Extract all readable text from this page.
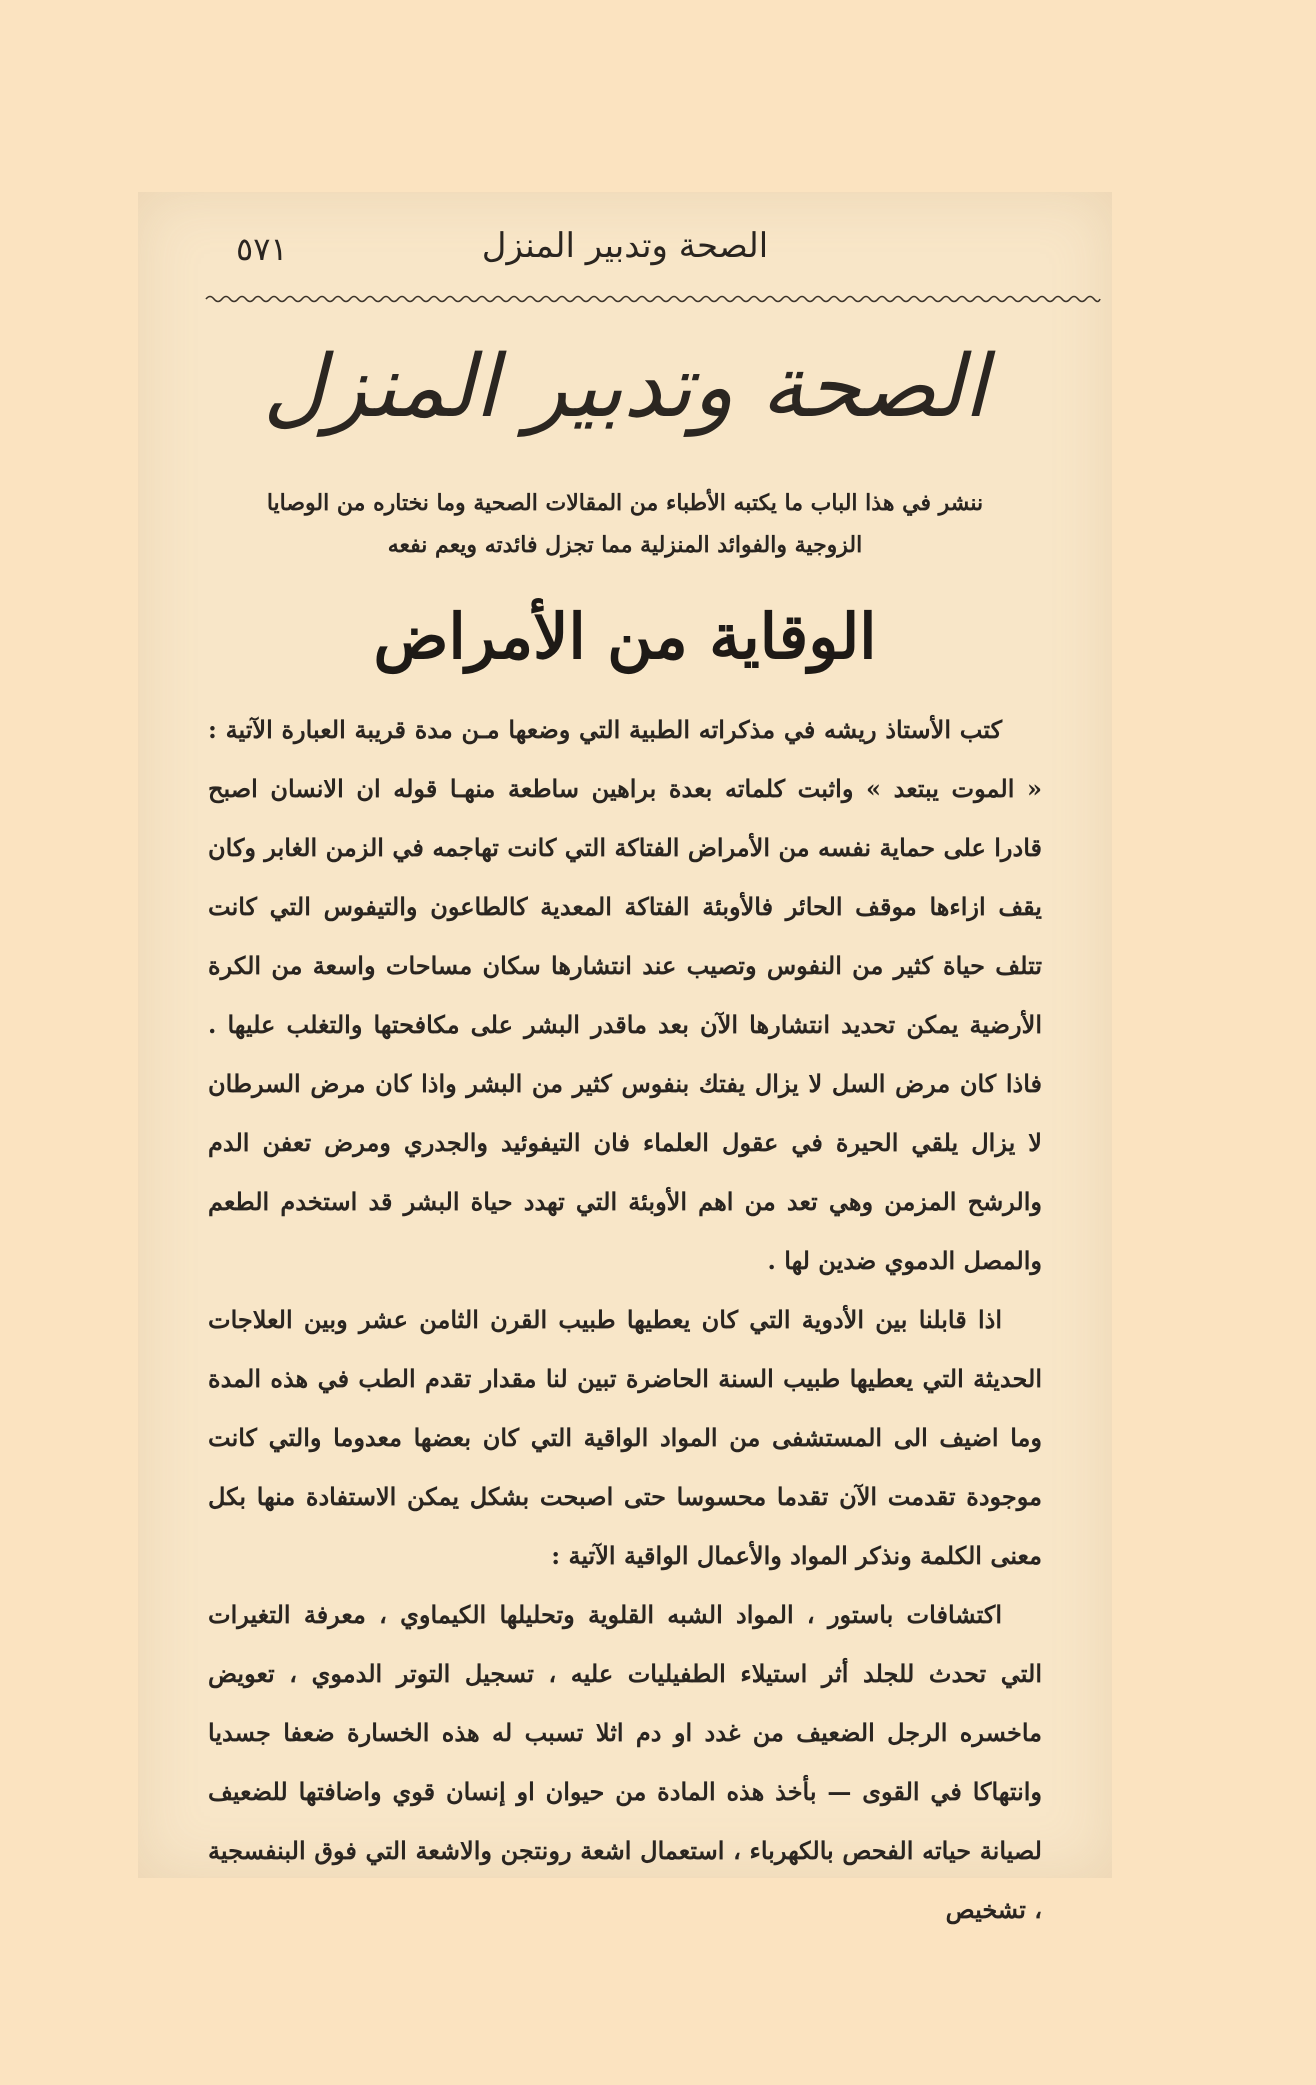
٥٧١	الصحة وتدبير المنزل
الصحة وتدبير المنزل
ننشر في هذا الباب ما يكتبه الأطباء من المقالات الصحية وما نختاره من الوصايا الزوجية والفوائد المنزلية مما تجزل فائدته ويعم نفعه
الوقاية من الأمراض

كتب الأستاذ ريشه في مذكراته الطبية التي وضعها مـن مدة قريبة العبارة الآتية : « الموت يبتعد » واثبت كلماته بعدة براهين ساطعة منهـا قوله ان الانسان اصبح قادرا على حماية نفسه من الأمراض الفتاكة التي كانت تهاجمه في الزمن الغابر وكان يقف ازاءها موقف الحائر فالأوبئة الفتاكة المعدية كالطاعون والتيفوس التي كانت تتلف حياة كثير من النفوس وتصيب عند انتشارها سكان مساحات واسعة من الكرة الأرضية يمكن تحديد انتشارها الآن بعد ماقدر البشر على مكافحتها والتغلب عليها . فاذا كان مرض السل لا يزال يفتك بنفوس كثير من البشر واذا كان مرض السرطان لا يزال يلقي الحيرة في عقول العلماء فان التيفوئيد والجدري ومرض تعفن الدم والرشح المزمن وهي تعد من اهم الأوبئة التي تهدد حياة البشر قد استخدم الطعم والمصل الدموي ضدين لها .

اذا قابلنا بين الأدوية التي كان يعطيها طبيب القرن الثامن عشر وبين العلاجات الحديثة التي يعطيها طبيب السنة الحاضرة تبين لنا مقدار تقدم الطب في هذه المدة وما اضيف الى المستشفى من المواد الواقية التي كان بعضها معدوما والتي كانت موجودة تقدمت الآن تقدما محسوسا حتى اصبحت بشكل يمكن الاستفادة منها بكل معنى الكلمة ونذكر المواد والأعمال الواقية الآتية :

اكتشافات باستور ، المواد الشبه القلوية وتحليلها الكيماوي ، معرفة التغيرات التي تحدث للجلد أثر استيلاء الطفيليات عليه ، تسجيل التوتر الدموي ، تعويض ماخسره الرجل الضعيف من غدد او دم اثلا تسبب له هذه الخسارة ضعفا جسديا وانتهاكا في القوى — بأخذ هذه المادة من حيوان او إنسان قوي واضافتها للضعيف لصيانة حياته الفحص بالكهرباء ، استعمال اشعة رونتجن والاشعة التي فوق البنفسجية ، تشخيص
